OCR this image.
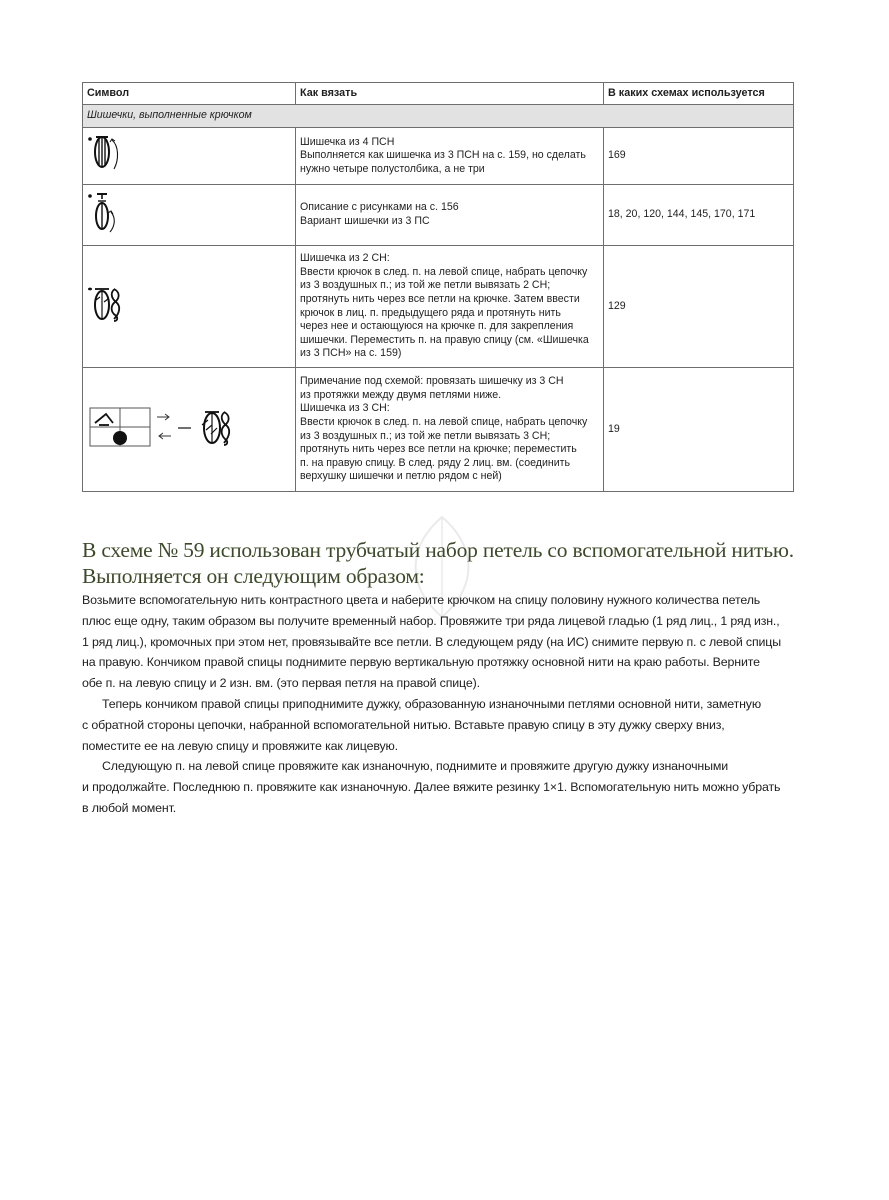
Символ	Как вязать	В каких схемах используется
Шишечки, выполненные крючком		

Шишечка из 4 ПСН
Выполняется как шишечка из 3 ПСН на с. 159, но сделать
нужно четыре полустолбика, а не три	169

Описание с рисунками на с. 156
Вариант шишечки из 3 ПС	18, 20, 120, 144, 145, 170, 171

Шишечка из 2 СН:
Ввести крючок в след. п. на левой спице, набрать цепочку
из 3 воздушных п.; из той же петли вывязать 2 СН;
протянуть нить через все петли на крючке. Затем ввести
крючок в лиц. п. предыдущего ряда и протянуть нить
через нее и остающуюся на крючке п. для закрепления
шишечки. Переместить п. на правую спицу (см. «Шишечка
из 3 ПСН» на с. 159)
	129

Примечание под схемой: провязать шишечку из 3 СН
из протяжки между двумя петлями ниже.
Шишечка из 3 СН:
Ввести крючок в след. п. на левой спице, набрать цепочку
из 3 воздушных п.; из той же петли вывязать 3 СН;
протянуть нить через все петли на крючке; переместить
п. на правую спицу. В след. ряду 2 лиц. вм. (соединить
верхушку шишечки и петлю рядом с ней)
	19
В схеме № 59 использован трубчатый набор петель со вспомогательной нитью.
Выполняется он следующим образом:

Возьмите вспомогательную нить контрастного цвета и наберите крючком на спицу половину нужного количества петель
плюс еще одну, таким образом вы получите временный набор. Провяжите три ряда лицевой гладью (1 ряд лиц., 1 ряд изн.,
1 ряд лиц.), кромочных при этом нет, провязывайте все петли. В следующем ряду (на ИС) снимите первую п. с левой спицы
на правую. Кончиком правой спицы поднимите первую вертикальную протяжку основной нити на краю работы. Верните
обе п. на левую спицу и 2 изн. вм. (это первая петля на правой спице).

Теперь кончиком правой спицы приподнимите дужку, образованную изнаночными петлями основной нити, заметную
с обратной стороны цепочки, набранной вспомогательной нитью. Вставьте правую спицу в эту дужку сверху вниз,
поместите ее на левую спицу и провяжите как лицевую.

Следующую п. на левой спице провяжите как изнаночную, поднимите и провяжите другую дужку изнаночными
и продолжайте. Последнюю п. провяжите как изнаночную. Далее вяжите резинку 1×1. Вспомогательную нить можно убрать
в любой момент.
